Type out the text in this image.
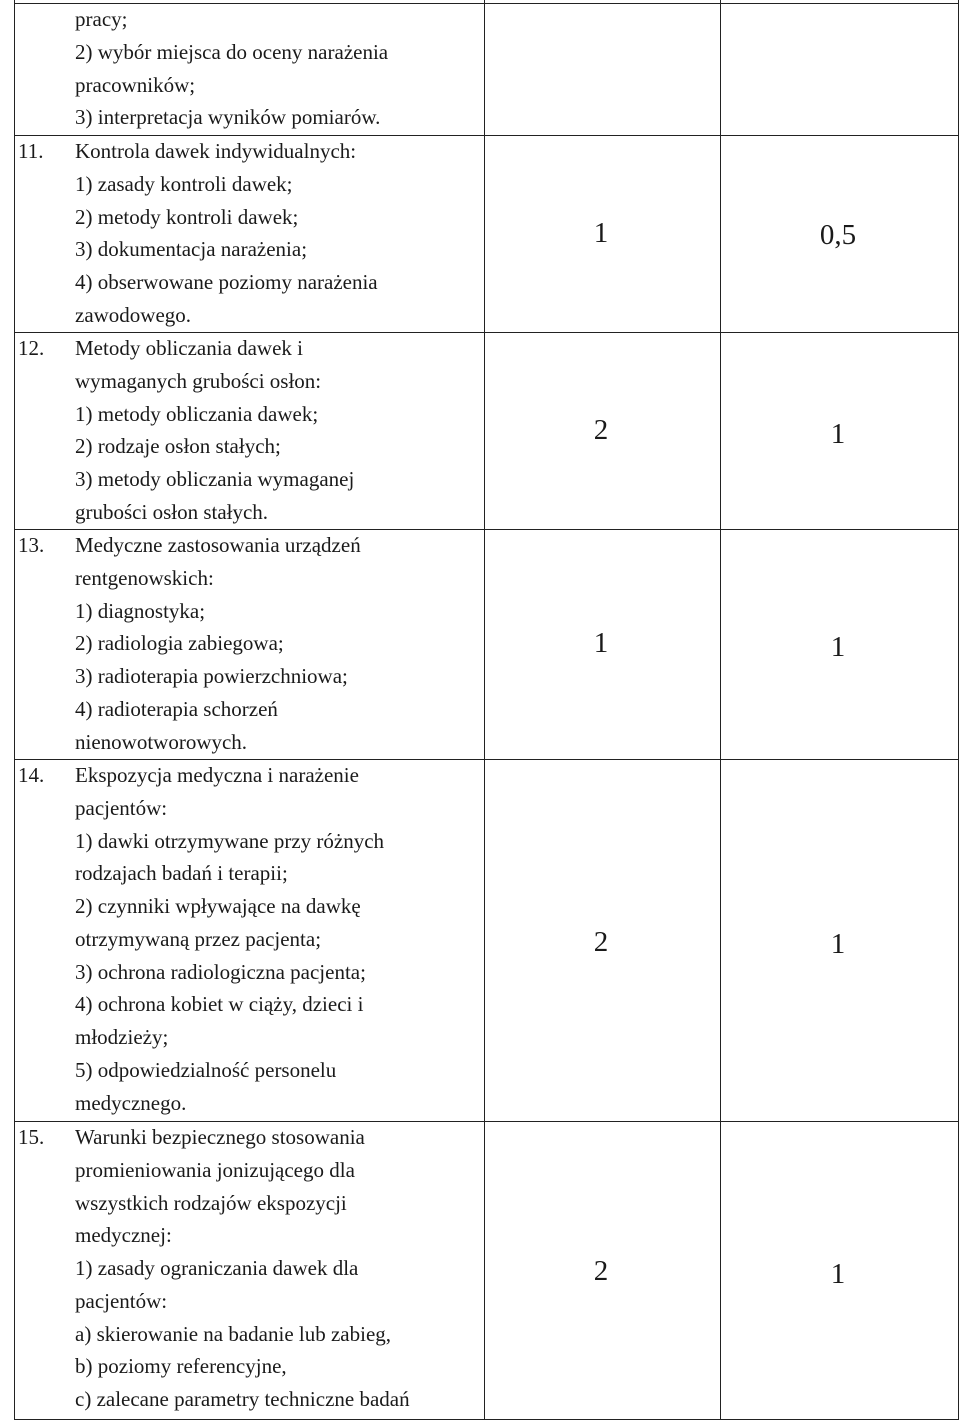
pracy;
2) wybór miejsca do oceny narażenia
pracowników;
3) interpretacja wyników pomiarów.
11. Kontrola dawek indywidualnych:
1) zasady kontroli dawek;
2) metody kontroli dawek;
3) dokumentacja narażenia;
4) obserwowane poziomy narażenia
zawodowego.
1	0,5
12. Metody obliczania dawek i
wymaganych grubości osłon:
1) metody obliczania dawek;
2) rodzaje osłon stałych;
3) metody obliczania wymaganej
grubości osłon stałych.
2	1
13. Medyczne zastosowania urządzeń
rentgenowskich:
1) diagnostyka;
2) radiologia zabiegowa;
3) radioterapia powierzchniowa;
4) radioterapia schorzeń
nienowotworowych.
1	1
14. Ekspozycja medyczna i narażenie
pacjentów:
1) dawki otrzymywane przy różnych
rodzajach badań i terapii;
2) czynniki wpływające na dawkę
otrzymywaną przez pacjenta;
3) ochrona radiologiczna pacjenta;
4) ochrona kobiet w ciąży, dzieci i
młodzieży;
5) odpowiedzialność personelu
medycznego.
2	1
15. Warunki bezpiecznego stosowania
promieniowania jonizującego dla
wszystkich rodzajów ekspozycji
medycznej:
1) zasady ograniczania dawek dla
pacjentów:
a) skierowanie na badanie lub zabieg,
b) poziomy referencyjne,
c) zalecane parametry techniczne badań
2	1
